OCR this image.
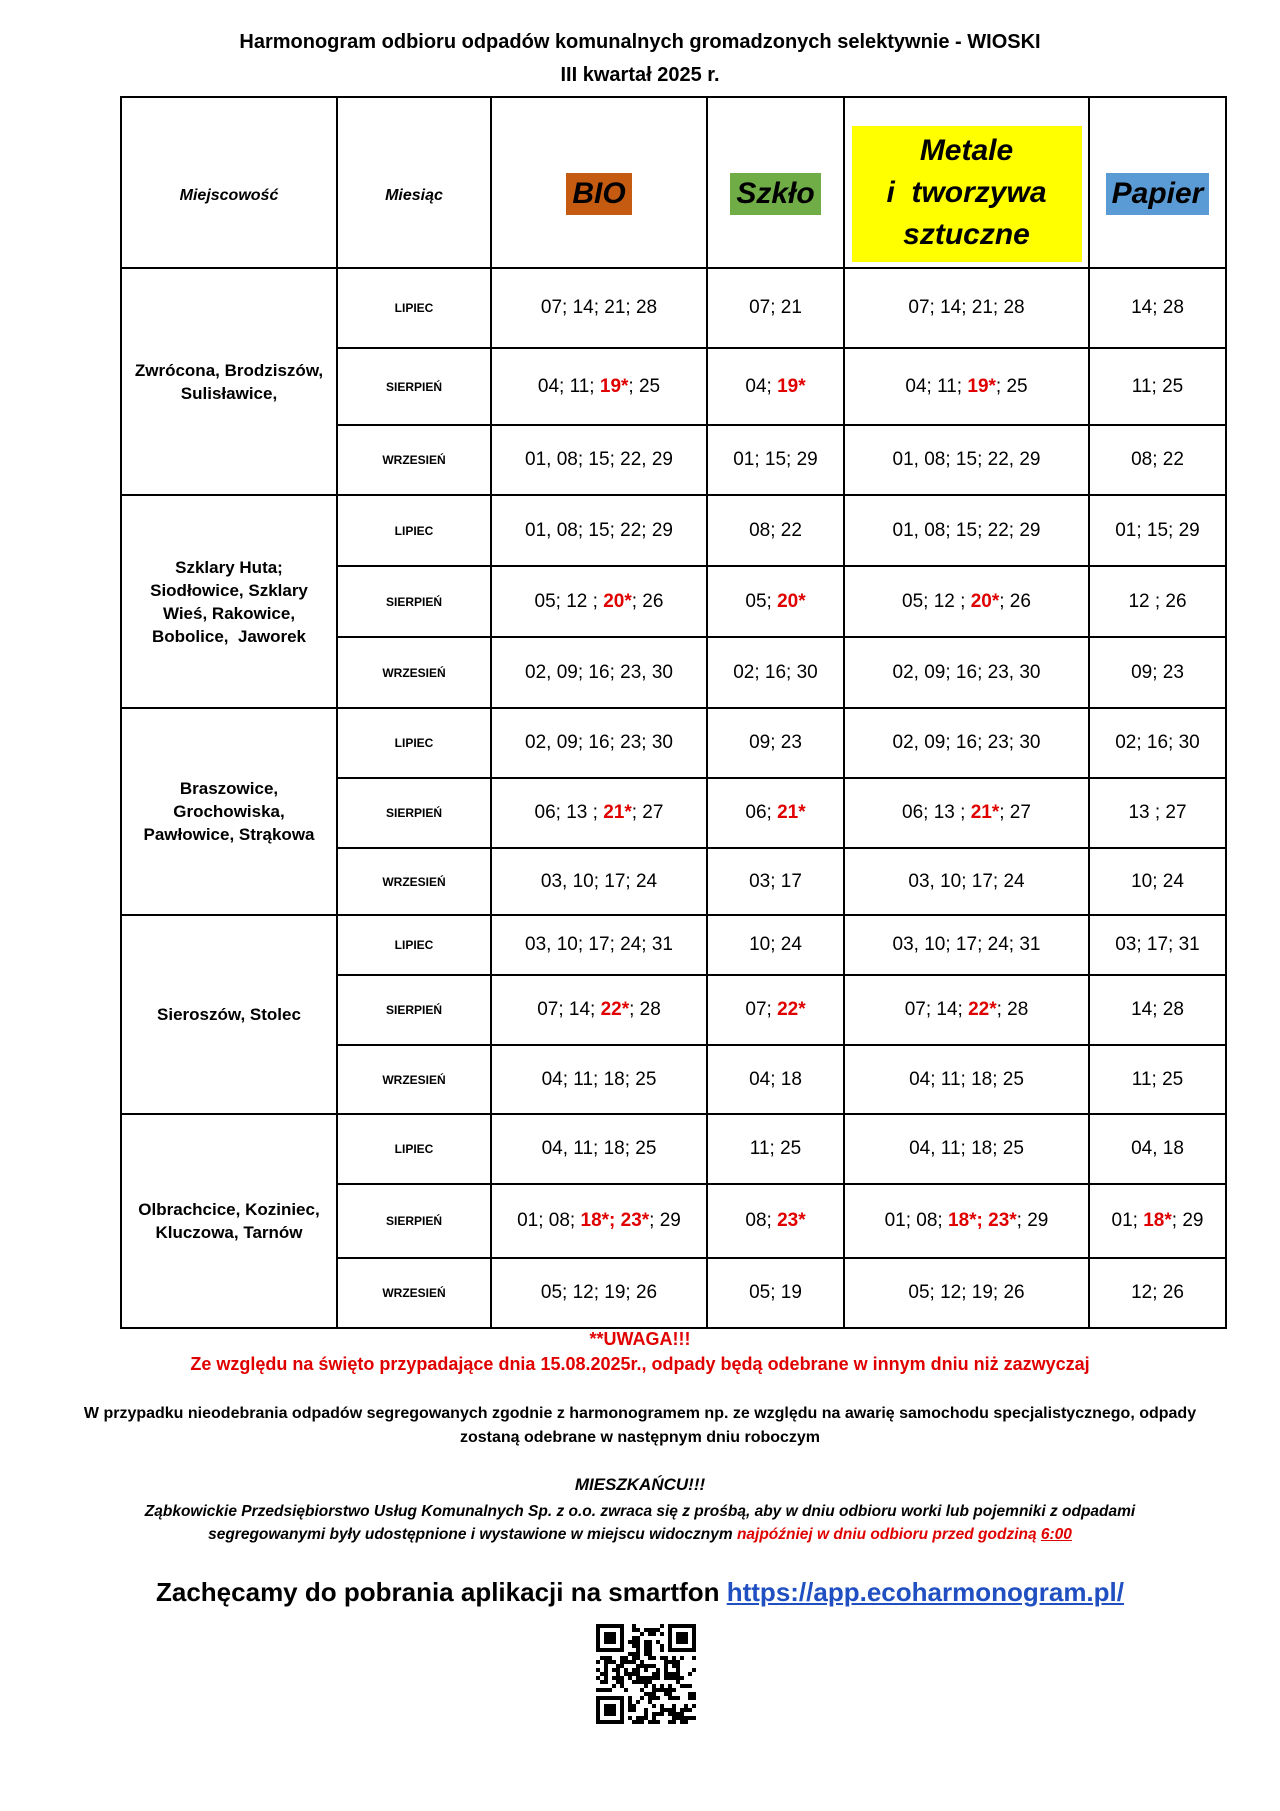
Harmonogram odbioru odpadów komunalnych gromadzonych selektywnie - WIOSKI
III kwartał 2025 r.
Miejscowość	Miesiąc	BIO	Szkło	Metale
i  tworzywa
sztuczne	Papier
Zwrócona, Brodziszów,
Sulisławice,	LIPIEC	07; 14; 21; 28	07; 21	07; 14; 21; 28	14; 28
	SIERPIEŃ	04; 11; 19*; 25	04; 19*	04; 11; 19*; 25	11; 25
	WRZESIEŃ	01, 08; 15; 22, 29	01; 15; 29	01, 08; 15; 22, 29	08; 22
Szklary Huta;
Siodłowice, Szklary
Wieś, Rakowice,
Bobolice,  Jaworek	LIPIEC	01, 08; 15; 22; 29	08; 22	01, 08; 15; 22; 29	01; 15; 29
	SIERPIEŃ	05; 12 ; 20*; 26	05; 20*	05; 12 ; 20*; 26	12 ; 26
	WRZESIEŃ	02, 09; 16; 23, 30	02; 16; 30	02, 09; 16; 23, 30	09; 23
Braszowice,
Grochowiska,
Pawłowice, Strąkowa	LIPIEC	02, 09; 16; 23; 30	09; 23	02, 09; 16; 23; 30	02; 16; 30
	SIERPIEŃ	06; 13 ; 21*; 27	06; 21*	06; 13 ; 21*; 27	13 ; 27
	WRZESIEŃ	03, 10; 17; 24	03; 17	03, 10; 17; 24	10; 24
Sieroszów, Stolec	LIPIEC	03, 10; 17; 24; 31	10; 24	03, 10; 17; 24; 31	03; 17; 31
	SIERPIEŃ	07; 14; 22*; 28	07; 22*	07; 14; 22*; 28	14; 28
	WRZESIEŃ	04; 11; 18; 25	04; 18	04; 11; 18; 25	11; 25
Olbrachcice, Koziniec,
Kluczowa, Tarnów	LIPIEC	04, 11; 18; 25	11; 25	04, 11; 18; 25	04, 18
	SIERPIEŃ	01; 08; 18*; 23*; 29	08; 23*	01; 08; 18*; 23*; 29	01; 18*; 29
	WRZESIEŃ	05; 12; 19; 26	05; 19	05; 12; 19; 26	12; 26
**UWAGA!!!
Ze względu na święto przypadające dnia 15.08.2025r., odpady będą odebrane w innym dniu niż zazwyczaj
W przypadku nieodebrania odpadów segregowanych zgodnie z harmonogramem np. ze względu na awarię samochodu specjalistycznego, odpady zostaną odebrane w następnym dniu roboczym
MIESZKAŃCU!!!
Ząbkowickie Przedsiębiorstwo Usług Komunalnych Sp. z o.o. zwraca się z prośbą, aby w dniu odbioru worki lub pojemniki z odpadami segregowanymi były udostępnione i wystawione w miejscu widocznym najpóźniej w dniu odbioru przed godziną 6:00
Zachęcamy do pobrania aplikacji na smartfon https://app.ecoharmonogram.pl/
